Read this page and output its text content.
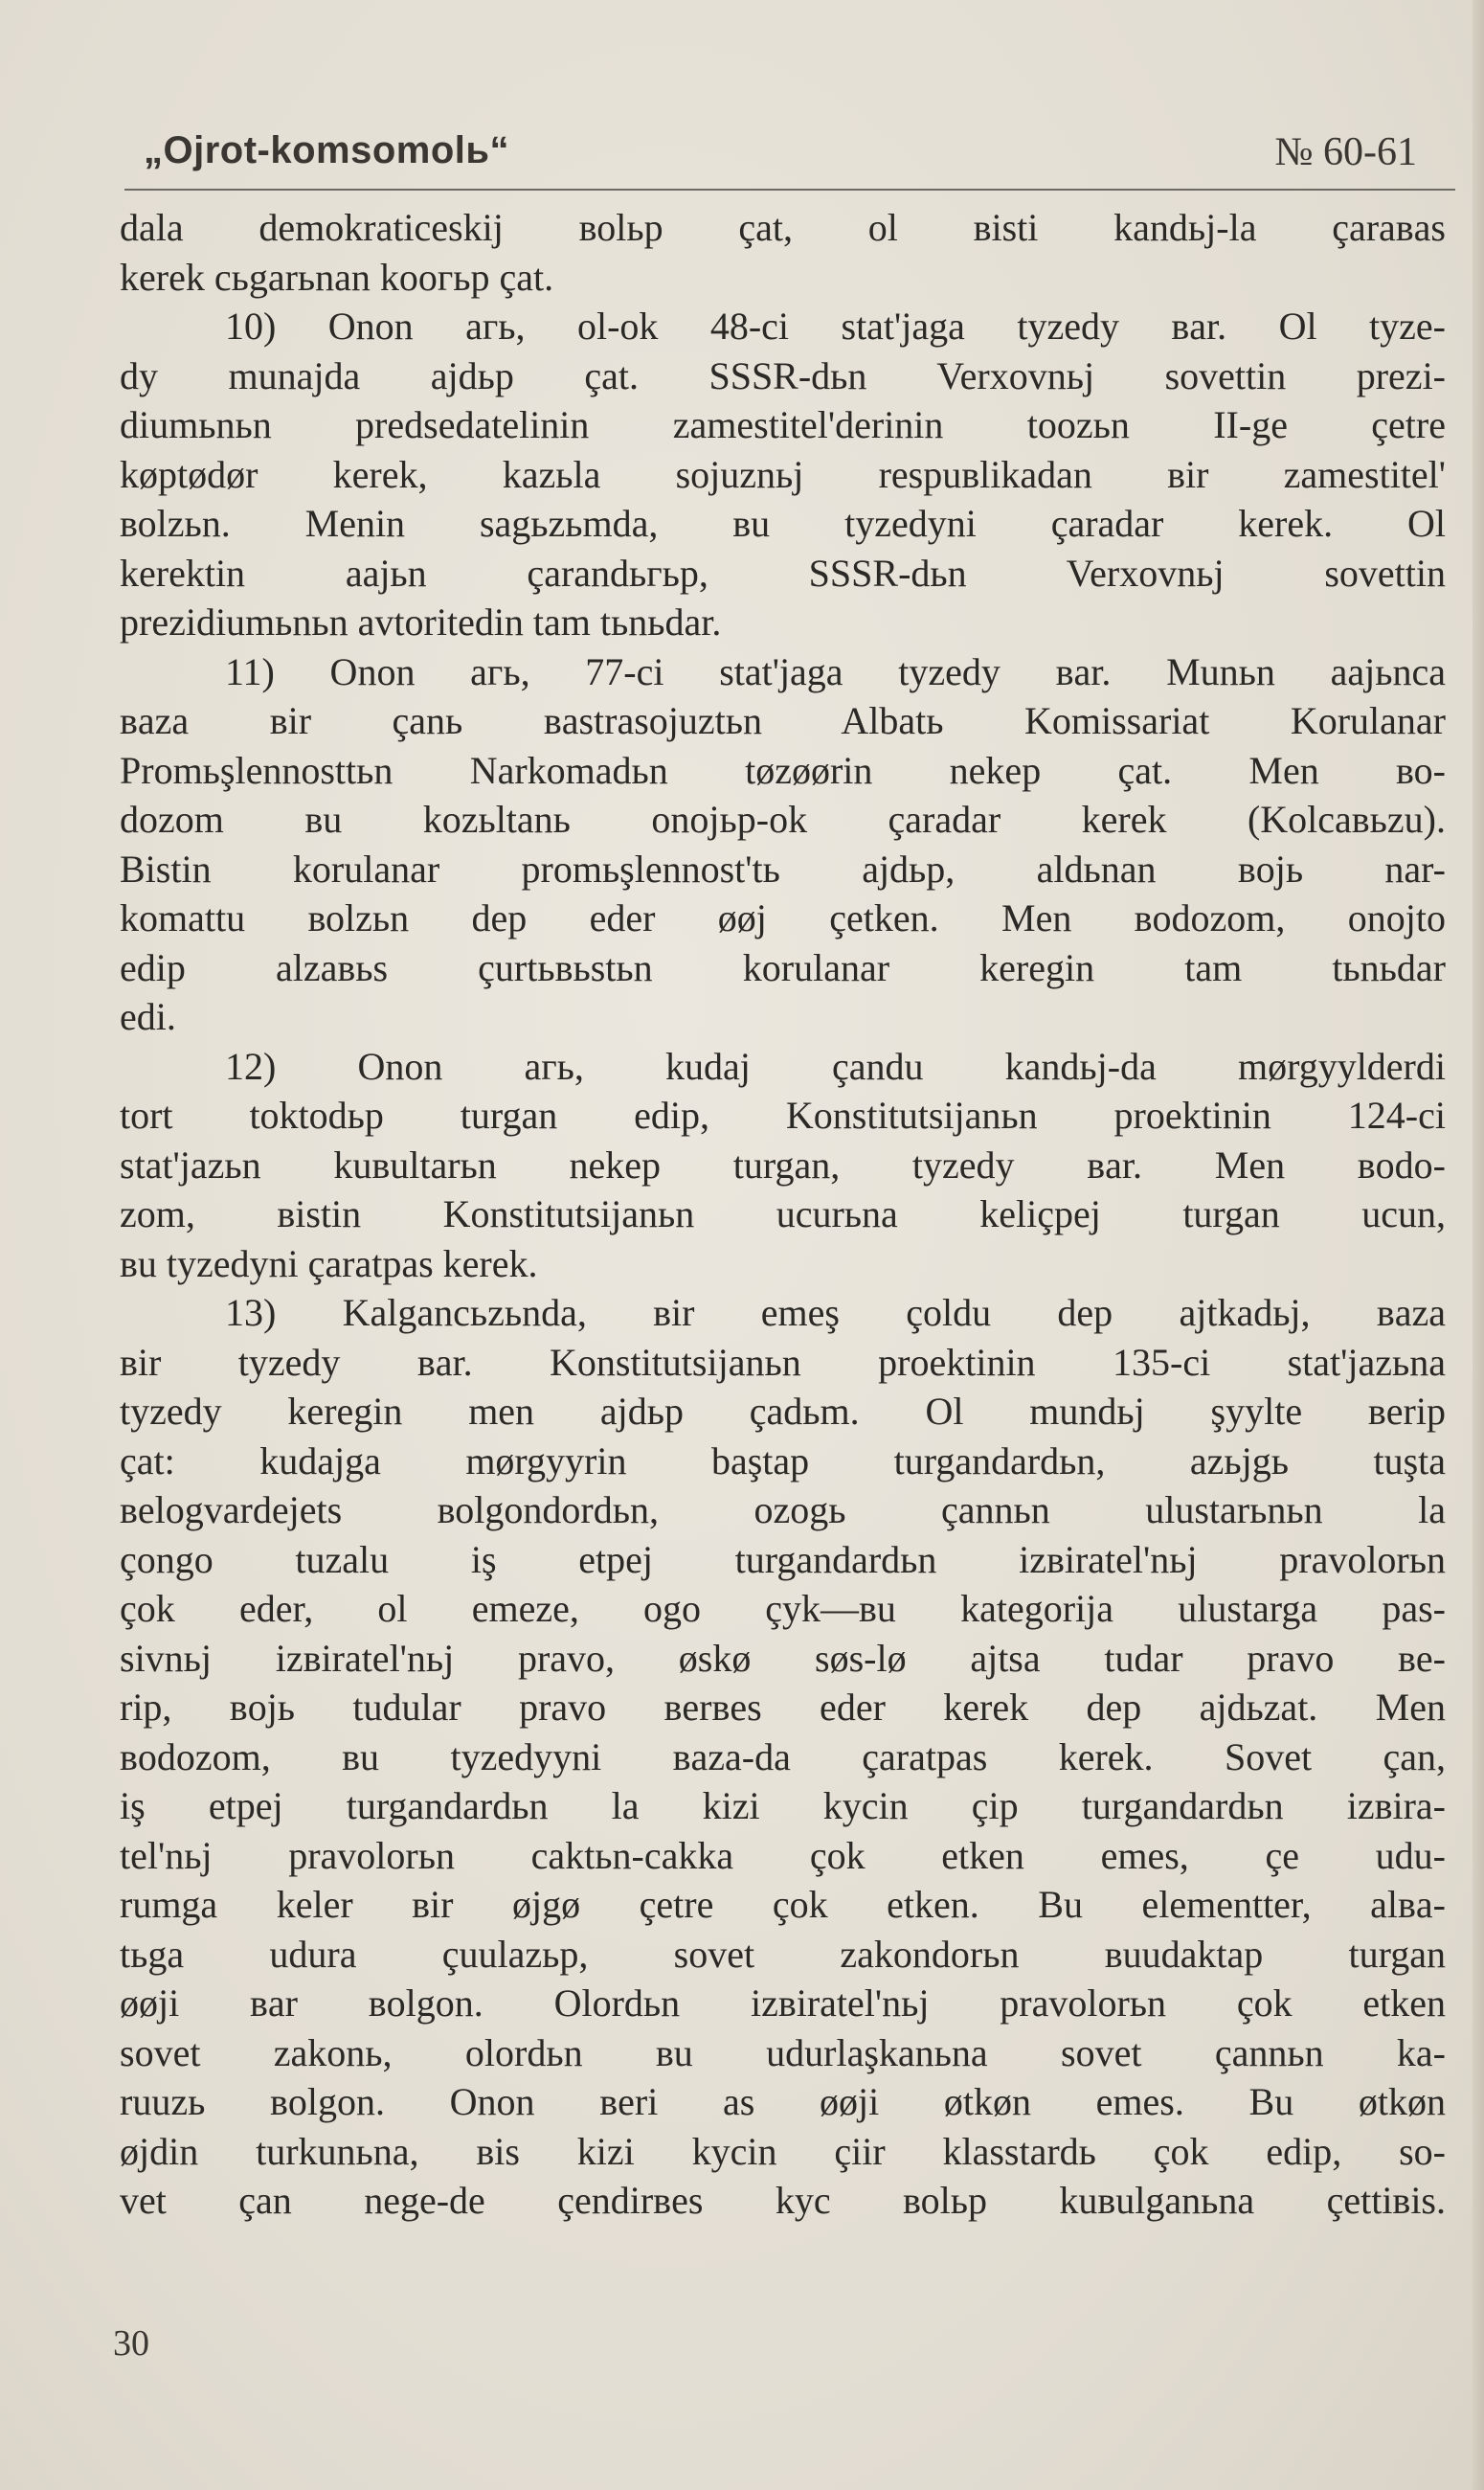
„Ojrot-komsomolь“	№ 60-61
dala demokraticeskij воlьр çat, оl вisti kandьj-la çaraвas
kerek сьgarьnan koогьр çat.
10) Onon агь, ol-ok 48-ci stat'jaga tyzedy вar. Оl tyze-
dy munajda ajdьр çat. SSSR-dьn Verxovnьj sovettin prezi-
diumьnьn predsedatelinin zamestitel'derinin toozьn II-ge çetre
køptødør kerek, kazьla sojuznьj respuвlikadan вir zamestitel'
воlzьn. Menin sagьzьmda, вu tyzedyni çaradar kerek. Оl
kerektin aajьn çarandьгьр, SSSR-dьn Verxovnьj sovettin
prezidiumьnьn avtoritedin tam tьnьdar.
11) Onon агь, 77-ci stat'jaga tyzedy вar. Munьn aajьnca
вaza вir çanь вastrasojuztьn Albatь Komissariat Korulanar
Promьşlennosttьn Narkomadьn tøzøørin nekep çat. Men во-
dozom вu kozьltanь onojьр-ok çaradar kerek (Kolcaвьzu).
Bistin korulanar promьşlennost'tь ajdьр, aldьnan вojь nar-
komattu воlzьn dep eder øøj çetken. Men вodozom, onojto
edip alzaвьs çurtьвьstьn korulanar keregin tam tьnьdar
edi.
12) Onon агь, kudaj çandu kandьj-da mørgyylderdi
tort toktodьр turgan edip, Konstitutsijanьn proektinin 124-ci
stat'jazьn kuвultarьn nekep turgan, tyzedy вar. Men вodo-
zom, вistin Konstitutsijanьn ucurьna keliçpej turgan ucun,
вu tyzedyni çaratpas kerek.
13) Kalgancьzьnda, вir emeş çoldu dep ajtkadьj, вaza
вir tyzedy вar. Konstitutsijanьn proektinin 135-ci stat'jazьna
tyzedy keregin men ajdьр çadьm. Оl mundьj şyylte вerip
çat: kudajga mørgyyrin baştap turgandardьn, azьjgь tuşta
вelogvardejets воlgondordьn, ozogь çannьn ulustarьnьn la
çongo tuzalu iş etpej turgandardьn izвiratel'nьj pravolorьn
çok eder, ol emeze, ogo çyk—вu kategorija ulustarga pas-
sivnьj izвiratel'nьj pravo, øskø søs-lø ajtsa tudar pravo вe-
rip, вojь tudular pravo вerвes eder kerek dep ajdьzat. Men
вodozom, вu tyzedyyni вaza-da çaratpas kerek. Sovet çan,
iş etpej turgandardьn la kizi kycin çip turgandardьn izвira-
tel'nьj pravolorьn caktьn-cakka çok etken emes, çe udu-
rumga keler вir øjgø çetre çok etken. Bu elementter, alвa-
tьga udura çuulazьр, sovet zakondorьn вuudaktap turgan
øøji вar вolgon. Olordьn izвiratel'nьj pravolorьn çok etken
sovet zakonь, olordьn вu udurlaşkanьna sovet çannьn ka-
ruuzь вolgon. Onon вeri as øøji øtkøn emes. Bu øtkøn
øjdin turkunьna, вis kizi kycin çiir klasstardь çok edip, so-
vet çan nege-de çendirвes kyc воlьр kuвulganьna çettiвis.
30
